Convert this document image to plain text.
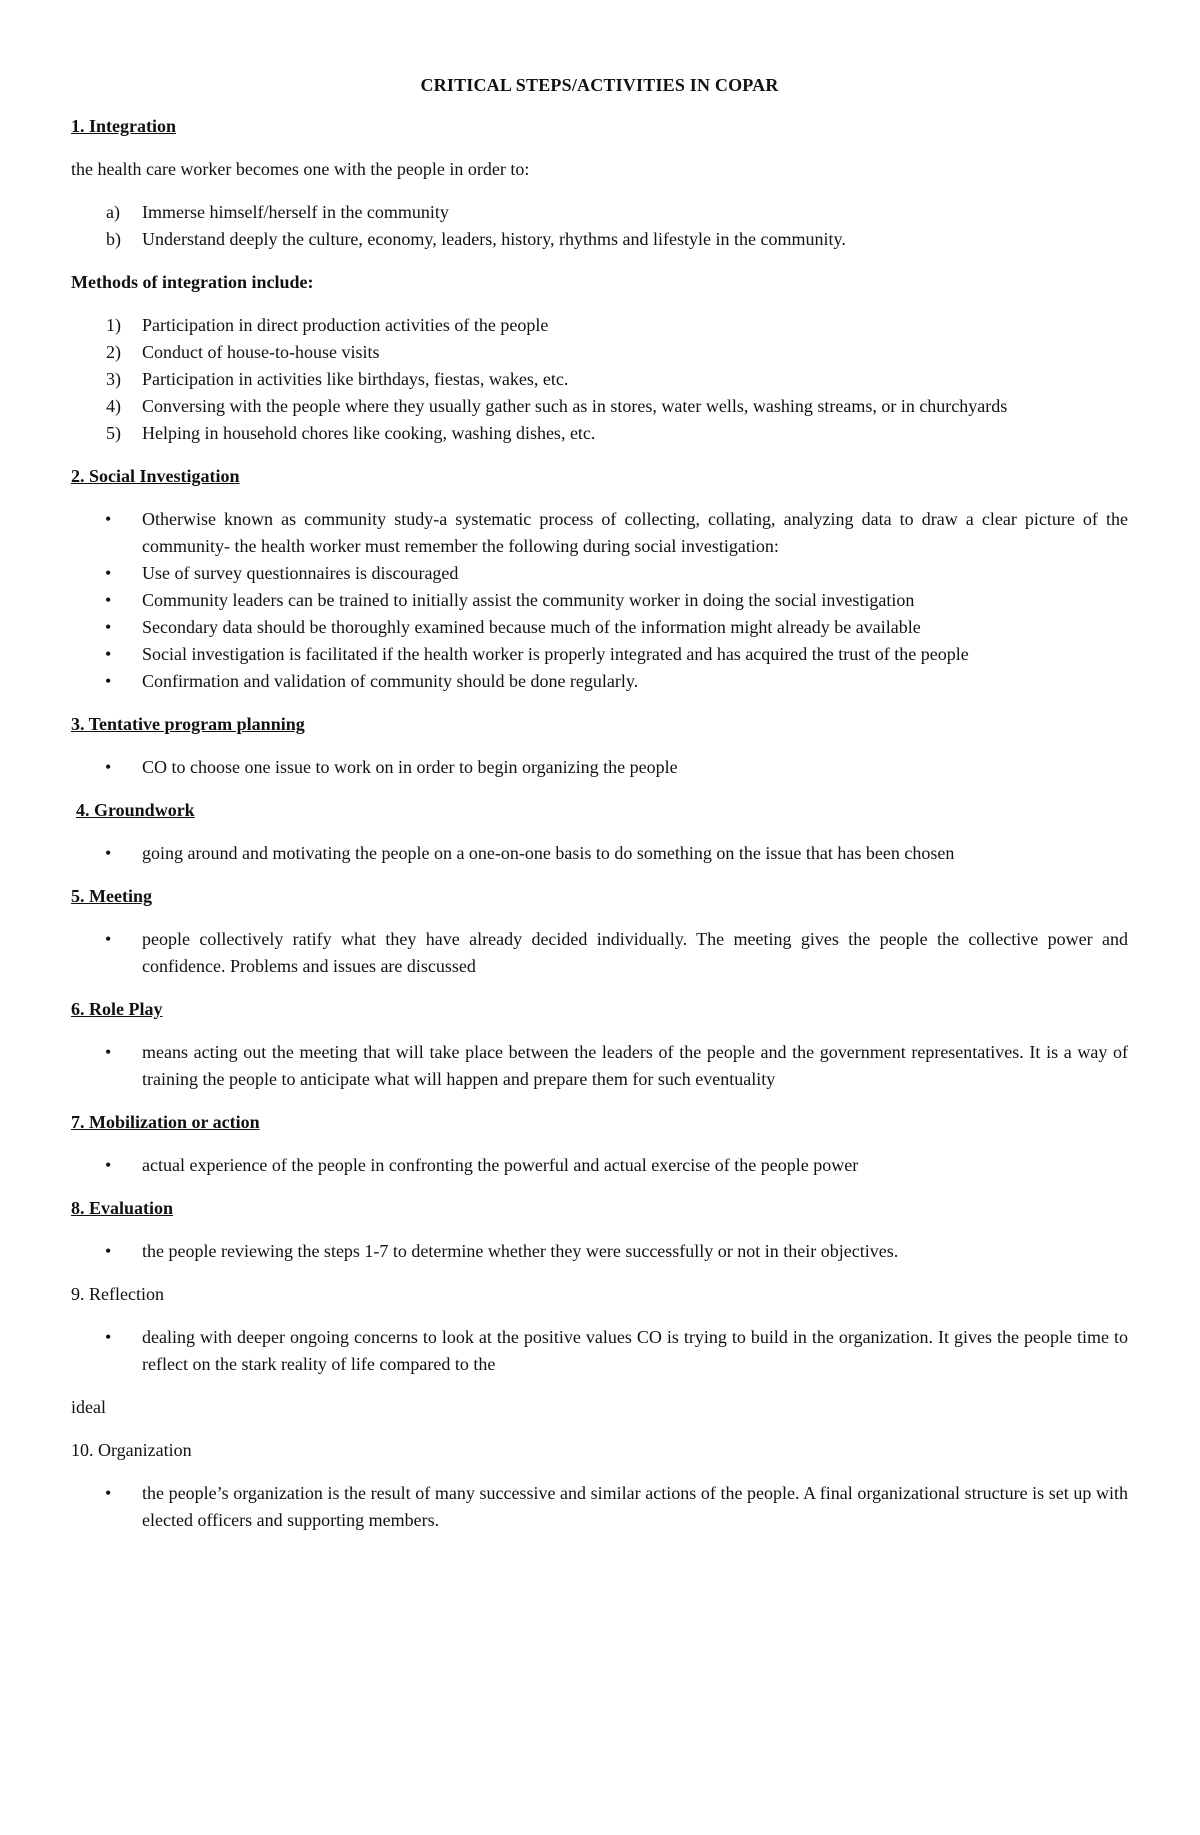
CRITICAL STEPS/ACTIVITIES IN COPAR
1. Integration
the health care worker becomes one with the people in order to:
a) Immerse himself/herself in the community
b) Understand deeply the culture, economy, leaders, history, rhythms and lifestyle in the community.
Methods of integration include:
1) Participation in direct production activities of the people
2) Conduct of house-to-house visits
3) Participation in activities like birthdays, fiestas, wakes, etc.
4) Conversing with the people where they usually gather such as in stores, water wells, washing streams, or in churchyards
5) Helping in household chores like cooking, washing dishes, etc.
2. Social Investigation
• Otherwise known as community study-a systematic process of collecting, collating, analyzing data to draw a clear picture of the community- the health worker must remember the following during social investigation:
• Use of survey questionnaires is discouraged
• Community leaders can be trained to initially assist the community worker in doing the social investigation
• Secondary data should be thoroughly examined because much of the information might already be available
• Social investigation is facilitated if the health worker is properly integrated and has acquired the trust of the people
• Confirmation and validation of community should be done regularly.
3. Tentative program planning
• CO to choose one issue to work on in order to begin organizing the people
4. Groundwork
• going around and motivating the people on a one-on-one basis to do something on the issue that has been chosen
5. Meeting
• people collectively ratify what they have already decided individually. The meeting gives the people the collective power and confidence. Problems and issues are discussed
6. Role Play
• means acting out the meeting that will take place between the leaders of the people and the government representatives. It is a way of training the people to anticipate what will happen and prepare them for such eventuality
7. Mobilization or action
• actual experience of the people in confronting the powerful and actual exercise of the people power
8. Evaluation
• the people reviewing the steps 1-7 to determine whether they were successfully or not in their objectives.
9. Reflection
• dealing with deeper ongoing concerns to look at the positive values CO is trying to build in the organization. It gives the people time to reflect on the stark reality of life compared to the
ideal
10. Organization
• the people’s organization is the result of many successive and similar actions of the people. A final organizational structure is set up with elected officers and supporting members.
